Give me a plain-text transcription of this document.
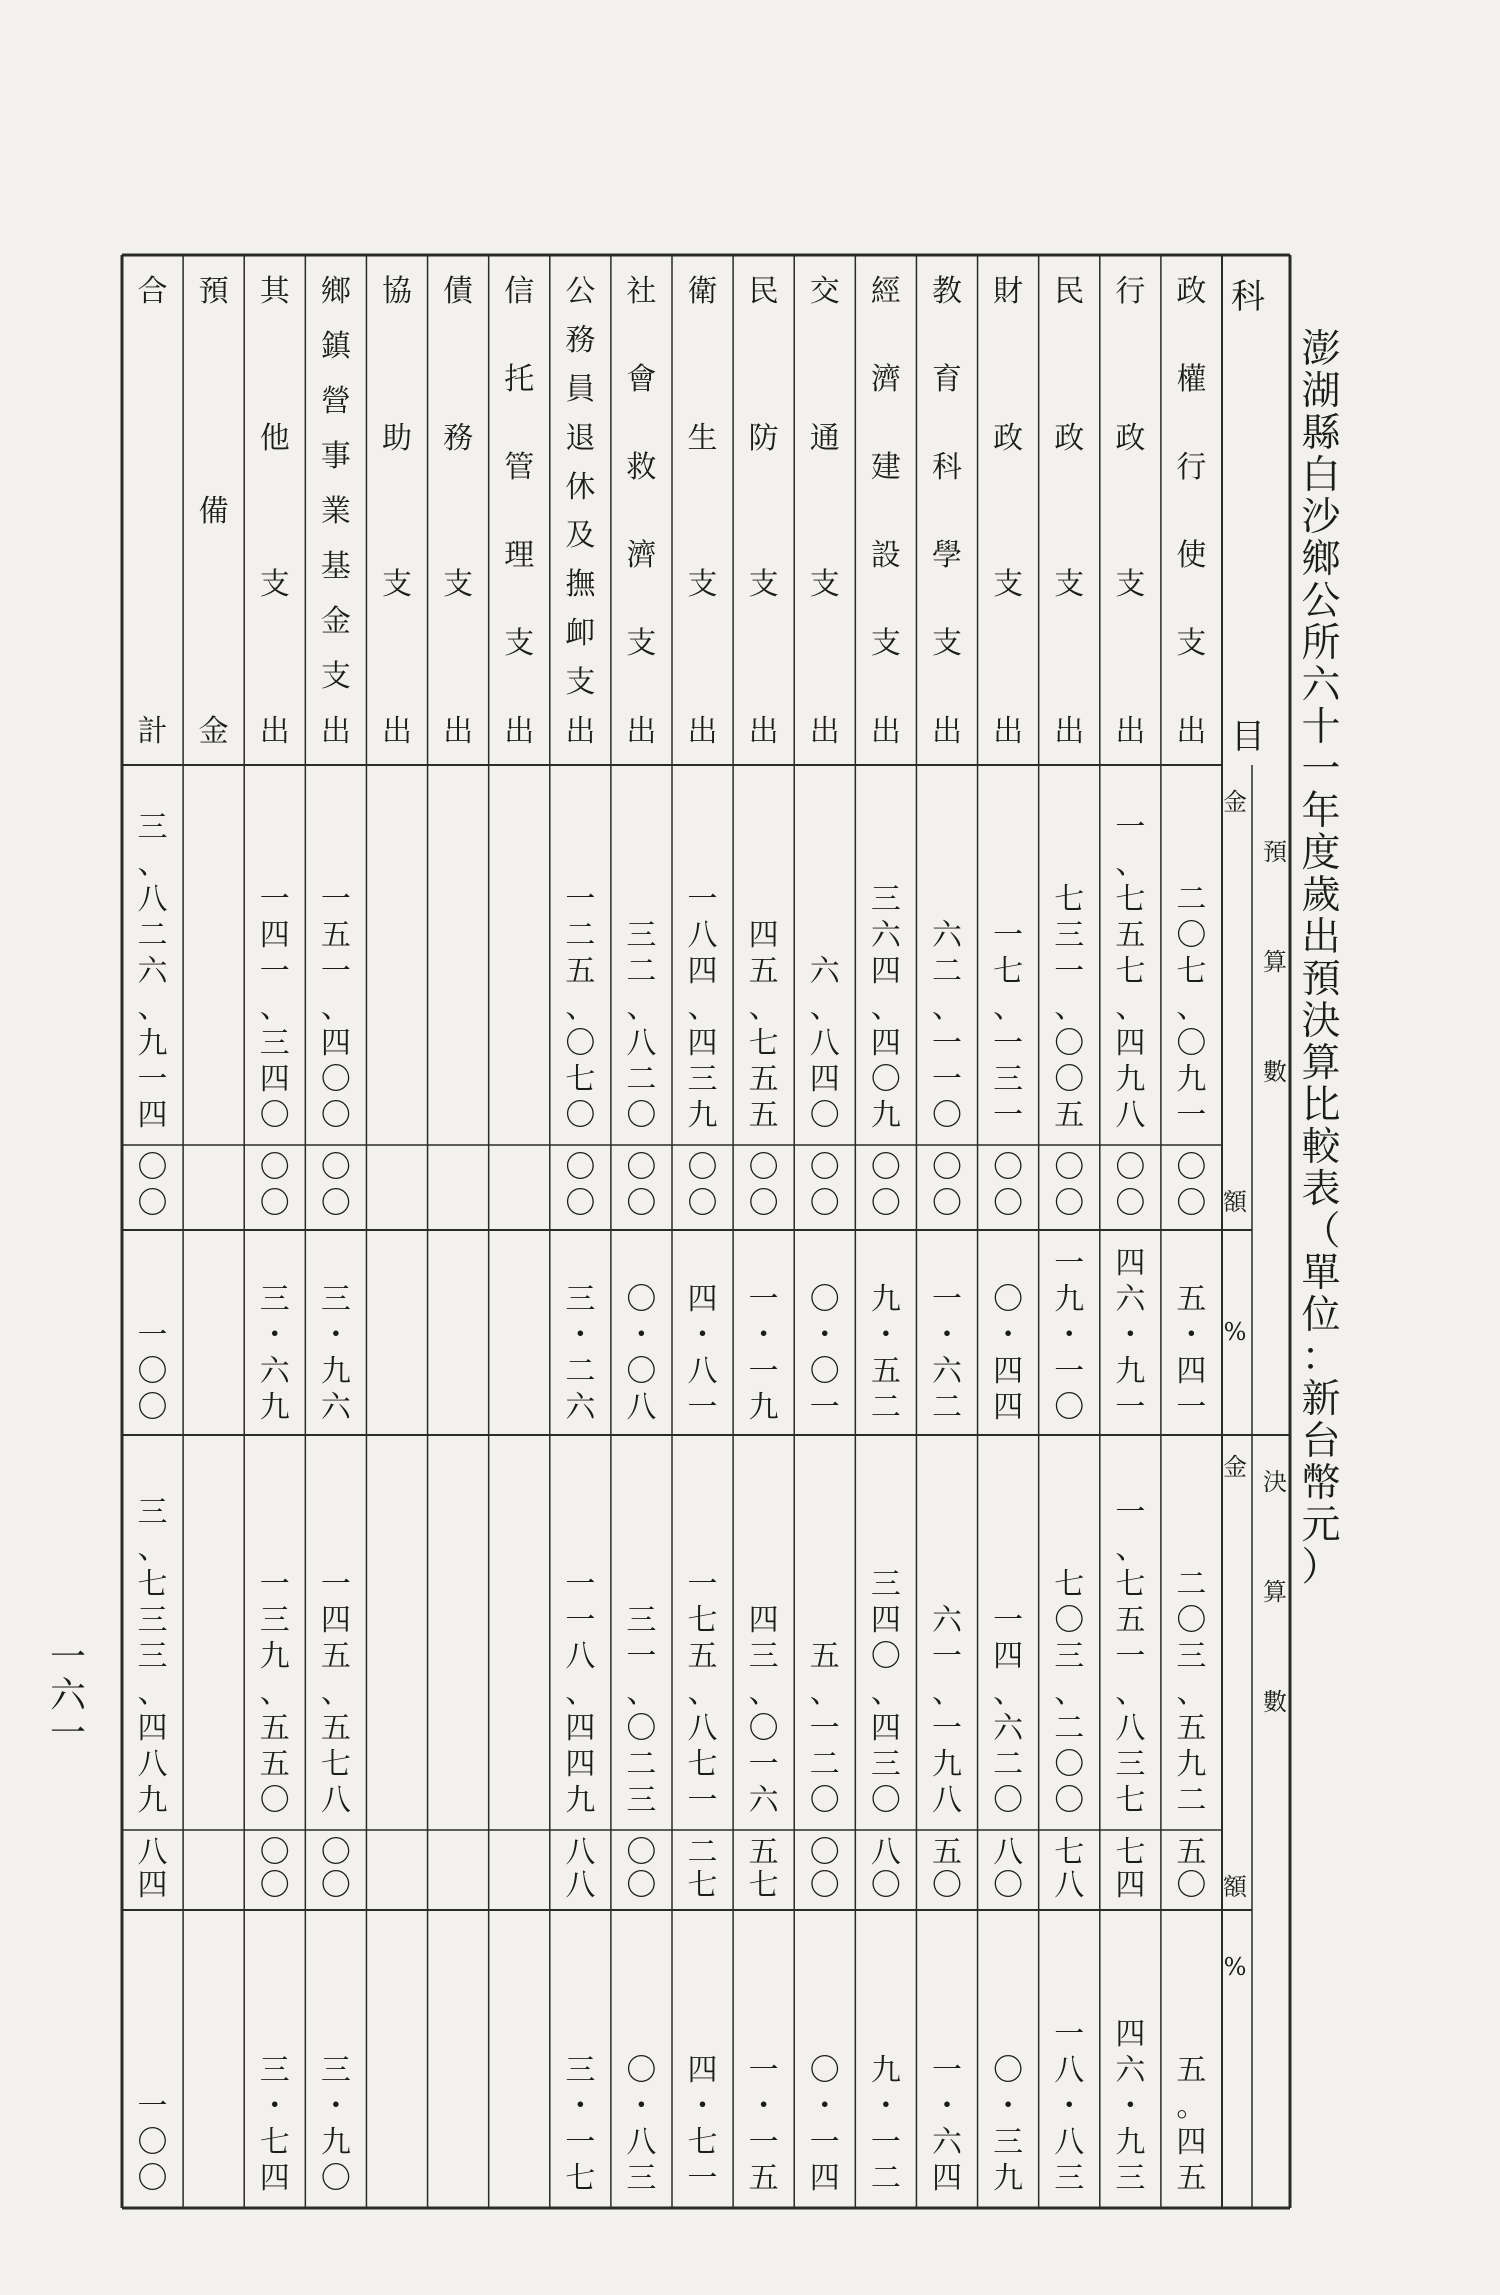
澎
湖
縣
白
沙
鄉
公
所
六
十
一
年
度
歲
出
預
決
算
比
較
表
（
單
位
：
新
台
幣
元
）
一
六
一
科
目
預
算
數
金
額
%
決
算
數
金
額
%
政
權
行
使
支
出
二
〇
七
、
〇
九
一
〇
〇
五
・
四
一
二
〇
三
、
五
九
二
五
〇
五
。
四
五
行
政
支
出
一
、
七
五
七
、
四
九
八
〇
〇
四
六
・
九
一
一
、
七
五
一
、
八
三
七
七
四
四
六
・
九
三
民
政
支
出
七
三
一
、
〇
〇
五
〇
〇
一
九
・
一
〇
七
〇
三
、
二
〇
〇
七
八
一
八
・
八
三
財
政
支
出
一
七
、
一
三
一
〇
〇
〇
・
四
四
一
四
、
六
二
〇
八
〇
〇
・
三
九
教
育
科
學
支
出
六
二
、
一
一
〇
〇
〇
一
・
六
二
六
一
、
一
九
八
五
〇
一
・
六
四
經
濟
建
設
支
出
三
六
四
、
四
〇
九
〇
〇
九
・
五
二
三
四
〇
、
四
三
〇
八
〇
九
・
一
二
交
通
支
出
六
、
八
四
〇
〇
〇
〇
・
〇
一
五
、
一
二
〇
〇
〇
〇
・
一
四
民
防
支
出
四
五
、
七
五
五
〇
〇
一
・
一
九
四
三
、
〇
一
六
五
七
一
・
一
五
衛
生
支
出
一
八
四
、
四
三
九
〇
〇
四
・
八
一
一
七
五
、
八
七
一
二
七
四
・
七
一
社
會
救
濟
支
出
三
二
、
八
二
〇
〇
〇
〇
・
〇
八
三
一
、
〇
二
三
〇
〇
〇
・
八
三
公
務
員
退
休
及
撫
卹
支
出
一
二
五
、
〇
七
〇
〇
〇
三
・
二
六
一
一
八
、
四
四
九
八
八
三
・
一
七
信
托
管
理
支
出
債
務
支
出
協
助
支
出
鄉
鎮
營
事
業
基
金
支
出
一
五
一
、
四
〇
〇
〇
〇
三
・
九
六
一
四
五
、
五
七
八
〇
〇
三
・
九
〇
其
他
支
出
一
四
一
、
三
四
〇
〇
〇
三
・
六
九
一
三
九
、
五
五
〇
〇
〇
三
・
七
四
預
備
金
合
計
三
、
八
二
六
、
九
一
四
〇
〇
一
〇
〇
三
、
七
三
三
、
四
八
九
八
四
一
〇
〇
